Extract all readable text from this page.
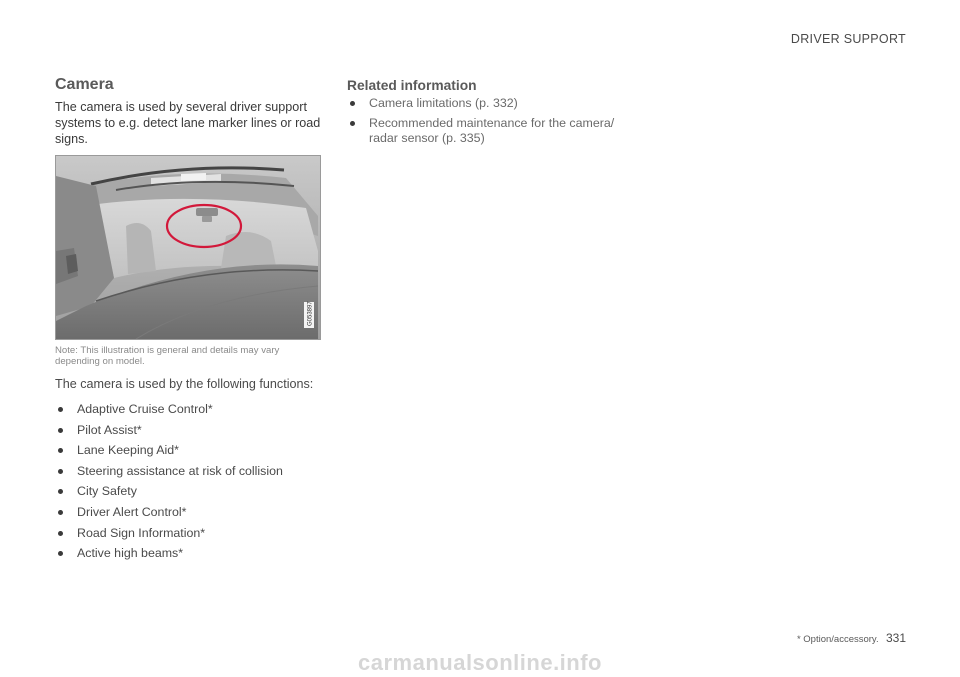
DRIVER SUPPORT
Camera

The camera is used by several driver support systems to e.g. detect lane marker lines or road signs.

G053897

Note: This illustration is general and details may vary depending on model.

The camera is used by the following functions:

Adaptive Cruise Control*
Pilot Assist*
Lane Keeping Aid*
Steering assistance at risk of collision
City Safety
Driver Alert Control*
Road Sign Information*
Active high beams*
Related information
Camera limitations (p. 332)
Recommended maintenance for the camera/ radar sensor (p. 335)
* Option/accessory. 331
carmanualsonline.info
